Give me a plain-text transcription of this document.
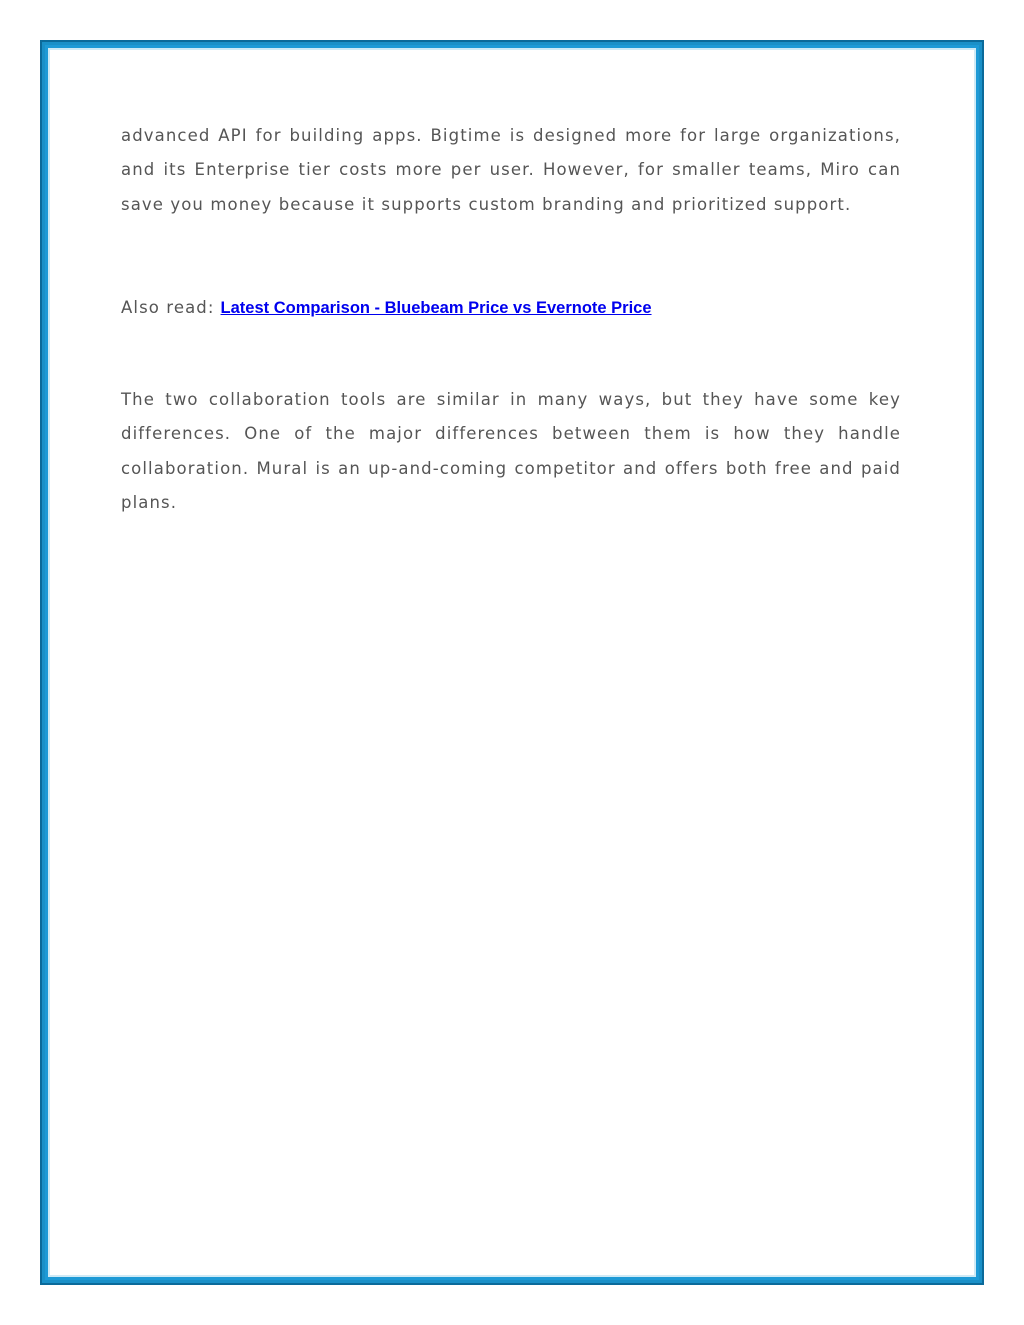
advanced API for building apps. Bigtime is designed more for large organizations, and its Enterprise tier costs more per user. However, for smaller teams, Miro can save you money because it supports custom branding and prioritized support.

Also read: Latest Comparison - Bluebeam Price vs Evernote Price

The two collaboration tools are similar in many ways, but they have some key differences. One of the major differences between them is how they handle collaboration. Mural is an up-and-coming competitor and offers both free and paid plans.
